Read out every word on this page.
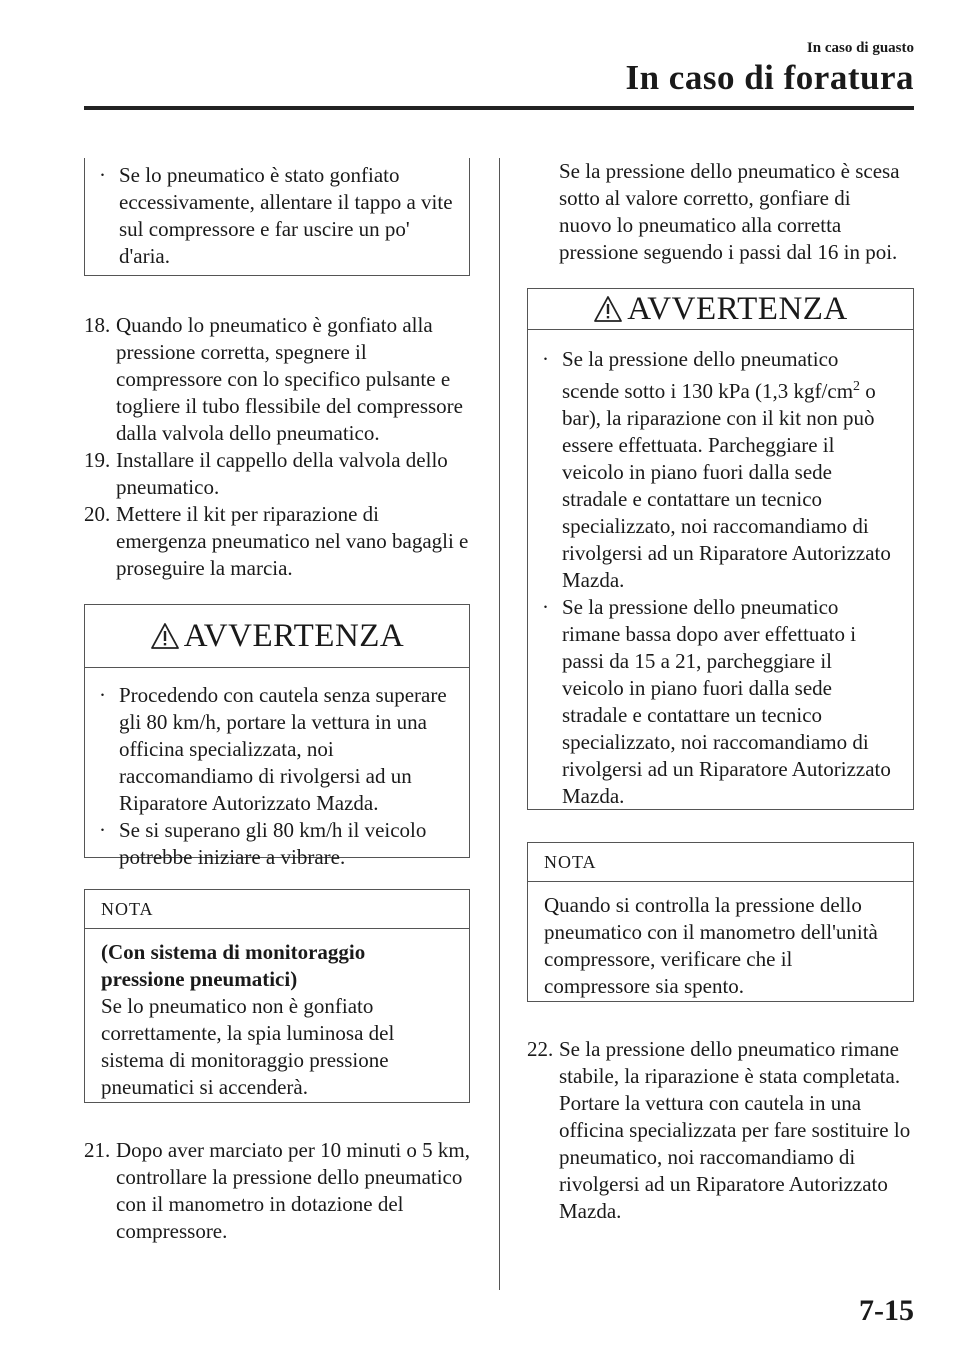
In caso di guasto
In caso di foratura
· Se lo pneumatico è stato gonfiato eccessivamente, allentare il tappo a vite sul compressore e far uscire un po' d'aria.
18. Quando lo pneumatico è gonfiato alla pressione corretta, spegnere il compressore con lo specifico pulsante e togliere il tubo flessibile del compressore dalla valvola dello pneumatico.
19. Installare il cappello della valvola dello pneumatico.
20. Mettere il kit per riparazione di emergenza pneumatico nel vano bagagli e proseguire la marcia.
AVVERTENZA
· Procedendo con cautela senza superare gli 80 km/h, portare la vettura in una officina specializzata, noi raccomandiamo di rivolgersi ad un Riparatore Autorizzato Mazda.
· Se si superano gli 80 km/h il veicolo potrebbe iniziare a vibrare.
NOTA
(Con sistema di monitoraggio pressione pneumatici)
Se lo pneumatico non è gonfiato correttamente, la spia luminosa del sistema di monitoraggio pressione pneumatici si accenderà.
21. Dopo aver marciato per 10 minuti o 5 km, controllare la pressione dello pneumatico con il manometro in dotazione del compressore.
Se la pressione dello pneumatico è scesa sotto al valore corretto, gonfiare di nuovo lo pneumatico alla corretta pressione seguendo i passi dal 16 in poi.
AVVERTENZA
· Se la pressione dello pneumatico scende sotto i 130 kPa (1,3 kgf/$cm^2$ o bar), la riparazione con il kit non può essere effettuata. Parcheggiare il veicolo in piano fuori dalla sede stradale e contattare un tecnico specializzato, noi raccomandiamo di rivolgersi ad un Riparatore Autorizzato Mazda.
· Se la pressione dello pneumatico rimane bassa dopo aver effettuato i passi da 15 a 21, parcheggiare il veicolo in piano fuori dalla sede stradale e contattare un tecnico specializzato, noi raccomandiamo di rivolgersi ad un Riparatore Autorizzato Mazda.
NOTA
Quando si controlla la pressione dello pneumatico con il manometro dell'unità compressore, verificare che il compressore sia spento.
22. Se la pressione dello pneumatico rimane stabile, la riparazione è stata completata. Portare la vettura con cautela in una officina specializzata per fare sostituire lo pneumatico, noi raccomandiamo di rivolgersi ad un Riparatore Autorizzato Mazda.
7-15
